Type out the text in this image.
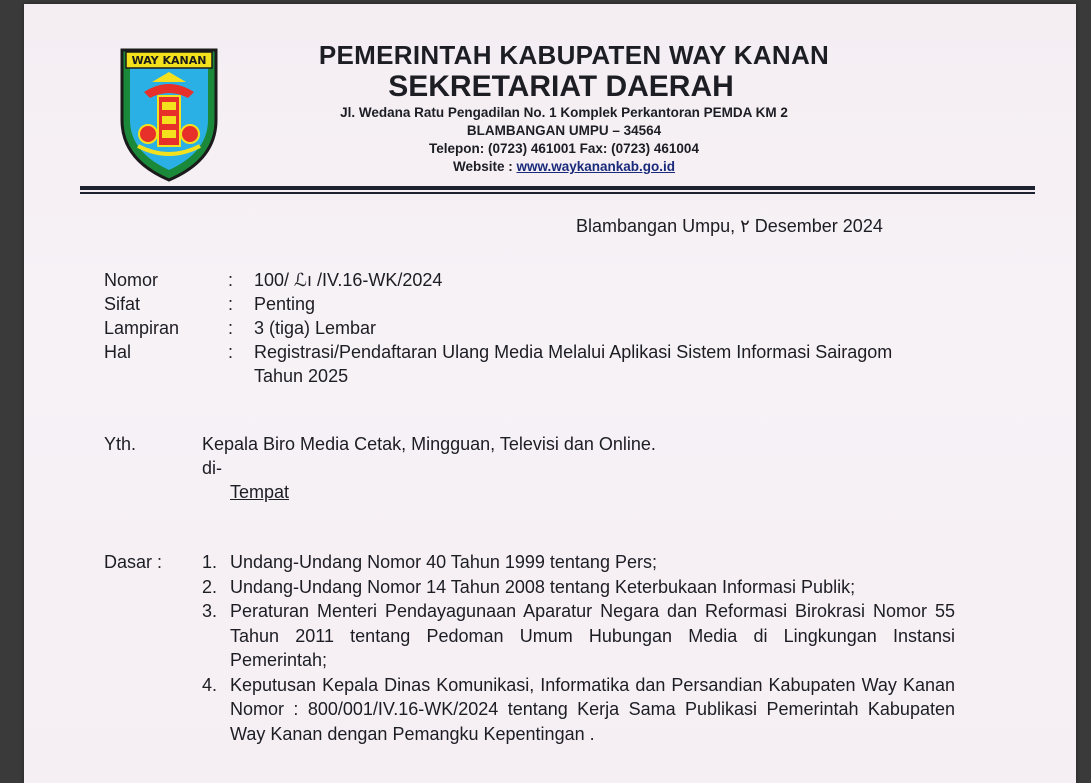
WAY KANAN	PEMERINTAH KABUPATEN WAY KANAN
SEKRETARIAT DAERAH
Jl. Wedana Ratu Pengadilan No. 1 Komplek Perkantoran PEMDA KM 2
BLAMBANGAN UMPU – 34564
Telepon: (0723) 461001 Fax: (0723) 461004
Website : www.waykanankab.go.id
Blambangan Umpu, ٢ Desember 2024
Nomor	:	100/ ℒı /IV.16-WK/2024
Sifat	:	Penting
Lampiran	:	3 (tiga) Lembar
Hal	:	Registrasi/Pendaftaran Ulang Media Melalui Aplikasi Sistem Informasi Sairagom Tahun 2025
Yth.	Kepala Biro Media Cetak, Mingguan, Televisi dan Online.
di-
Tempat
Dasar : 1. Undang-Undang Nomor 40 Tahun 1999 tentang Pers;
2. Undang-Undang Nomor 14 Tahun 2008 tentang Keterbukaan Informasi Publik;
3. Peraturan Menteri Pendayagunaan Aparatur Negara dan Reformasi Birokrasi Nomor 55 Tahun 2011 tentang Pedoman Umum Hubungan Media di Lingkungan Instansi Pemerintah;
4. Keputusan Kepala Dinas Komunikasi, Informatika dan Persandian Kabupaten Way Kanan Nomor : 800/001/IV.16-WK/2024 tentang Kerja Sama Publikasi Pemerintah Kabupaten Way Kanan dengan Pemangku Kepentingan .
